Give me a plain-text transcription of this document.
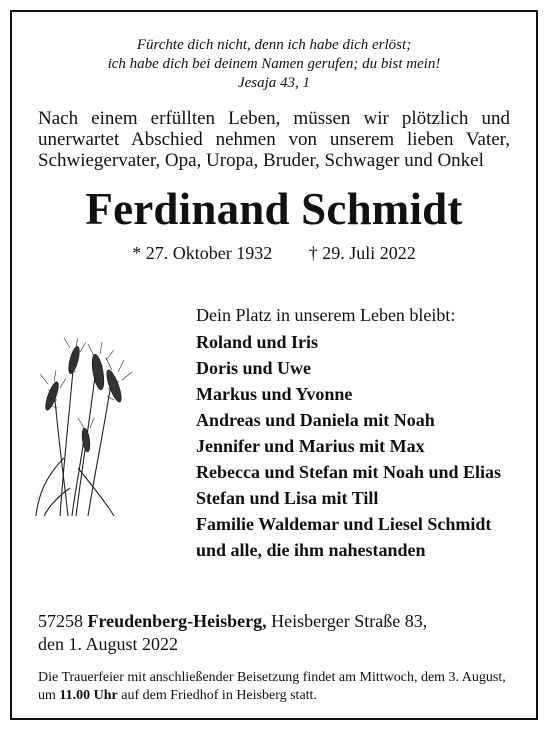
Fürchte dich nicht, denn ich habe dich erlöst;
ich habe dich bei deinem Namen gerufen; du bist mein!
Jesaja 43, 1
Nach einem erfüllten Leben, müssen wir plötzlich und unerwartet Abschied nehmen von unserem lieben Vater, Schwiegervater, Opa, Uropa, Bruder, Schwager und Onkel
Ferdinand Schmidt
* 27. Oktober 1932 † 29. Juli 2022
Dein Platz in unserem Leben bleibt:
Roland und Iris
Doris und Uwe
Markus und Yvonne
Andreas und Daniela mit Noah
Jennifer und Marius mit Max
Rebecca und Stefan mit Noah und Elias
Stefan und Lisa mit Till
Familie Waldemar und Liesel Schmidt
und alle, die ihm nahestanden
57258 Freudenberg-Heisberg, Heisberger Straße 83,
den 1. August 2022
Die Trauerfeier mit anschließender Beisetzung findet am Mittwoch, dem 3. August, um 11.00 Uhr auf dem Friedhof in Heisberg statt.
